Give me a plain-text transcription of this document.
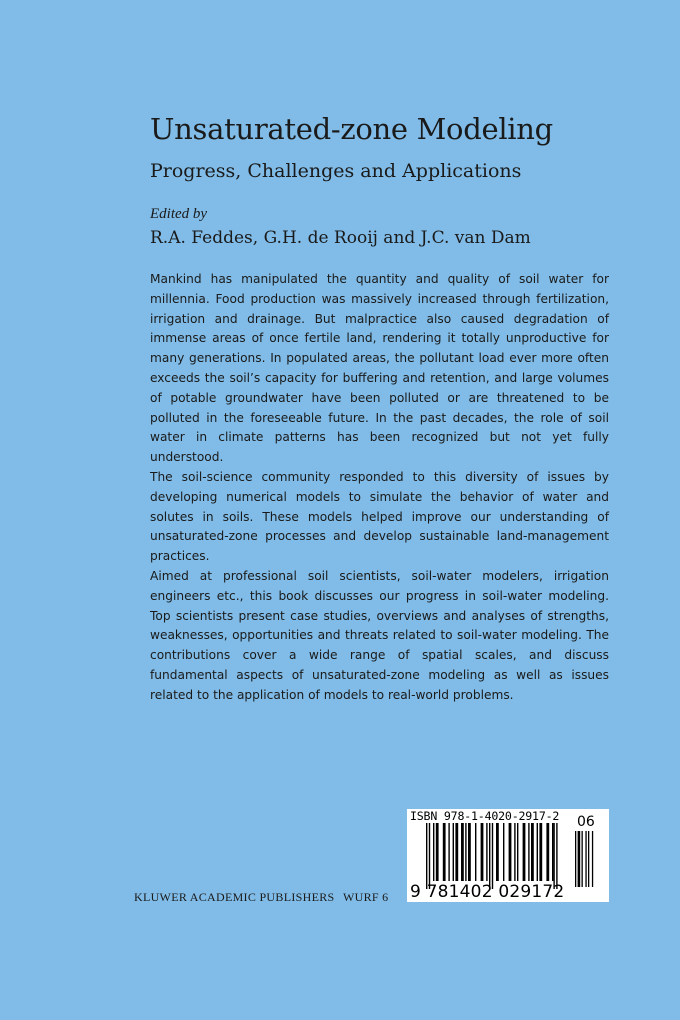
Unsaturated-zone Modeling
Progress, Challenges and Applications
Edited by
R.A. Feddes, G.H. de Rooij and J.C. van Dam

Mankind has manipulated the quantity and quality of soil water for millennia. Food production was massively increased through fertilization, irrigation and drainage. But malpractice also caused degradation of immense areas of once fertile land, rendering it totally unproductive for many generations. In populated areas, the pollutant load ever more often exceeds the soil’s capacity for buffering and retention, and large volumes of potable groundwater have been polluted or are threatened to be polluted in the foreseeable future. In the past decades, the role of soil water in climate patterns has been recognized but not yet fully understood.

The soil-science community responded to this diversity of issues by developing numerical models to simulate the behavior of water and solutes in soils. These models helped improve our understanding of unsaturated-zone processes and develop sustainable land-management practices.

Aimed at professional soil scientists, soil-water modelers, irrigation engineers etc., this book discusses our progress in soil-water modeling. Top scientists present case studies, overviews and analyses of strengths, weaknesses, opportunities and threats related to soil-water modeling. The contributions cover a wide range of spatial scales, and discuss fundamental aspects of unsaturated-zone modeling as well as issues related to the application of models to real-world problems.

KLUWER ACADEMIC PUBLISHERS WURF 6
ISBN 978-1-4020-2917-2 06
9 781402 029172
